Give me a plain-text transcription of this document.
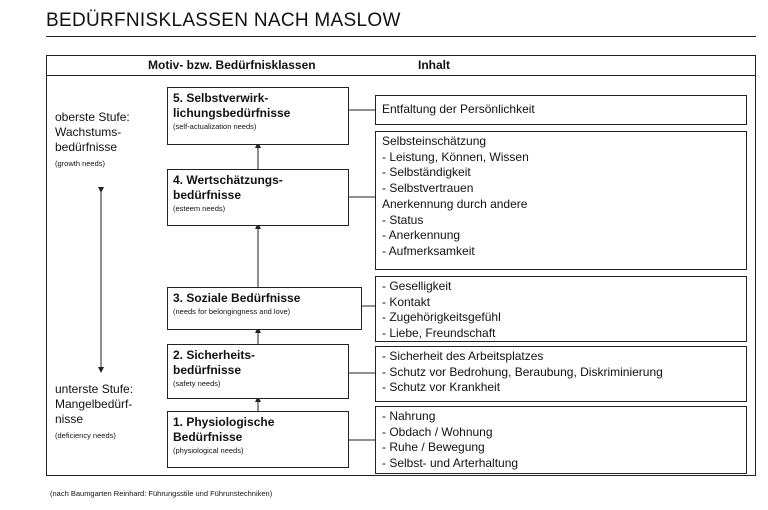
BEDÜRFNISKLASSEN NACH MASLOW
Motiv- bzw. Bedürfnisklassen	Inhalt
oberste Stufe:
Wachstums-
bedürfnisse
(growth needs)
unterste Stufe:
Mangelbedürf-
nisse
(deficiency needs)
5. Selbstverwirk-
lichungsbedürfnisse
(self-actualization needs)
4. Wertschätzungs-
bedürfnisse
(esteem needs)
3. Soziale Bedürfnisse
(needs for belongingness and love)
2. Sicherheits-
bedürfnisse
(safety needs)
1. Physiologische
Bedürfnisse
(physiological needs)
Entfaltung der Persönlichkeit
Selbsteinschätzung
- Leistung, Können, Wissen
- Selbständigkeit
- Selbstvertrauen
Anerkennung durch andere
- Status
- Anerkennung
- Aufmerksamkeit
- Geselligkeit
- Kontakt
- Zugehörigkeitsgefühl
- Liebe, Freundschaft
- Sicherheit des Arbeitsplatzes
- Schutz vor Bedrohung, Beraubung, Diskriminierung
- Schutz vor Krankheit
- Nahrung
- Obdach / Wohnung
- Ruhe / Bewegung
- Selbst- und Arterhaltung
(nach Baumgarten Reinhard: Führungsstile und Führunstechniken)
